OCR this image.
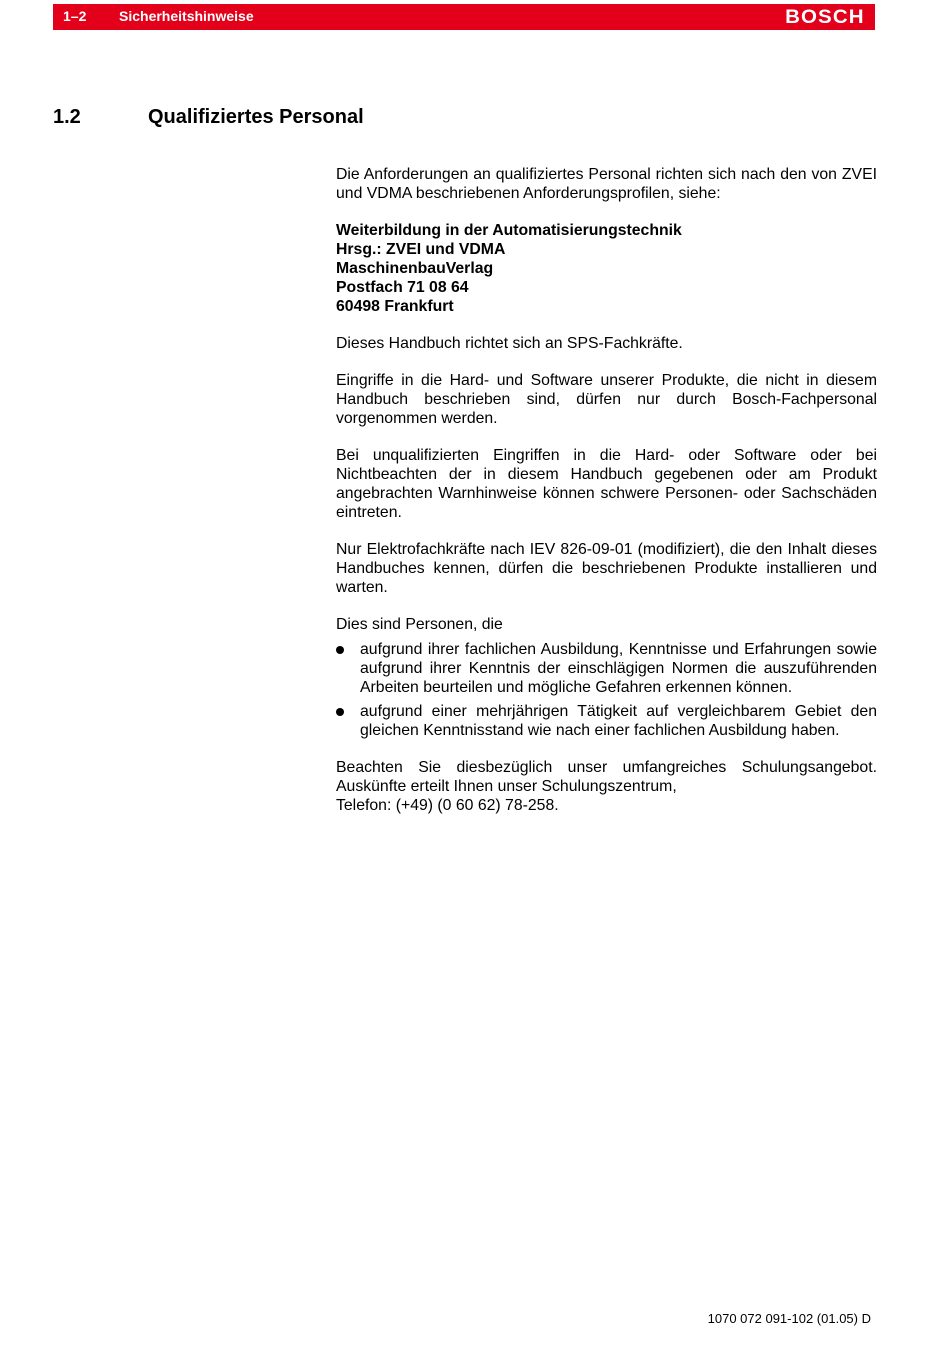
1–2 Sicherheitshinweise	BOSCH
1.2	Qualifiziertes Personal

Die Anforderungen an qualifiziertes Personal richten sich nach den von ZVEI und VDMA beschriebenen Anforderungsprofilen, siehe:

Weiterbildung in der Automatisierungstechnik
Hrsg.: ZVEI und VDMA
MaschinenbauVerlag
Postfach 71 08 64
60498 Frankfurt

Dieses Handbuch richtet sich an SPS-Fachkräfte.

Eingriffe in die Hard- und Software unserer Produkte, die nicht in diesem Handbuch beschrieben sind, dürfen nur durch Bosch-Fachpersonal vorgenommen werden.

Bei unqualifizierten Eingriffen in die Hard- oder Software oder bei Nichtbeachten der in diesem Handbuch gegebenen oder am Produkt angebrachten Warnhinweise können schwere Personen- oder Sachschäden eintreten.

Nur Elektrofachkräfte nach IEV 826-09-01 (modifiziert), die den Inhalt dieses Handbuches kennen, dürfen die beschriebenen Produkte installieren und warten.

Dies sind Personen, die

aufgrund ihrer fachlichen Ausbildung, Kenntnisse und Erfahrungen sowie aufgrund ihrer Kenntnis der einschlägigen Normen die auszuführenden Arbeiten beurteilen und mögliche Gefahren erkennen können.
aufgrund einer mehrjährigen Tätigkeit auf vergleichbarem Gebiet den gleichen Kenntnisstand wie nach einer fachlichen Ausbildung haben.

Beachten Sie diesbezüglich unser umfangreiches Schulungsangebot. Auskünfte erteilt Ihnen unser Schulungszentrum,

Telefon: (+49) (0 60 62) 78-258.

1070 072 091-102 (01.05) D
